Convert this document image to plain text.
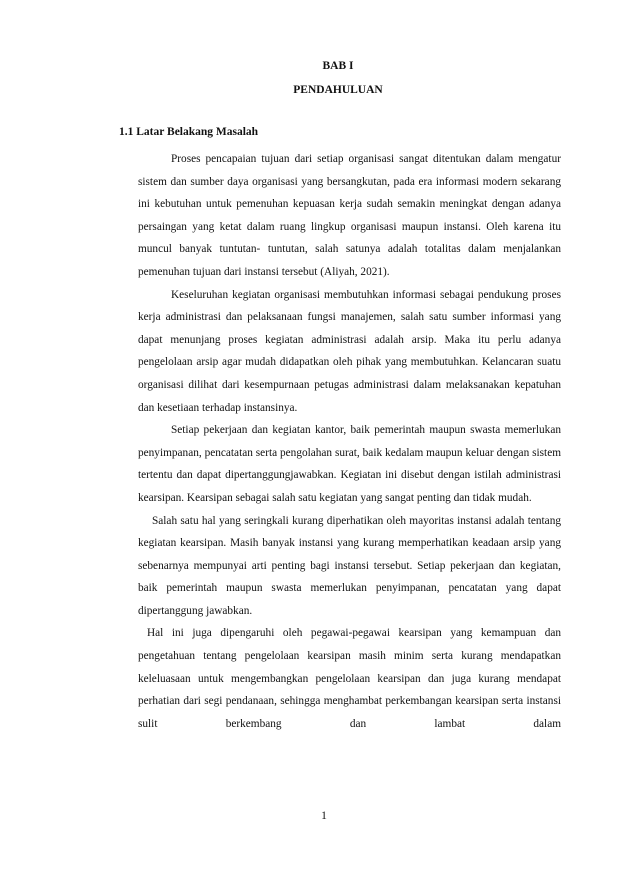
BAB I
PENDAHULUAN
1.1 Latar Belakang Masalah

Proses pencapaian tujuan dari setiap organisasi sangat ditentukan dalam mengatur sistem dan sumber daya organisasi yang bersangkutan, pada era informasi modern sekarang ini kebutuhan untuk pemenuhan kepuasan kerja sudah semakin meningkat dengan adanya persaingan yang ketat dalam ruang lingkup organisasi maupun instansi. Oleh karena itu muncul banyak tuntutan- tuntutan, salah satunya adalah totalitas dalam menjalankan pemenuhan tujuan dari instansi tersebut (Aliyah, 2021).

Keseluruhan kegiatan organisasi membutuhkan informasi sebagai pendukung proses kerja administrasi dan pelaksanaan fungsi manajemen, salah satu sumber informasi yang dapat menunjang proses kegiatan administrasi adalah arsip. Maka itu perlu adanya pengelolaan arsip agar mudah didapatkan oleh pihak yang membutuhkan. Kelancaran suatu organisasi dilihat dari kesempurnaan petugas administrasi dalam melaksanakan kepatuhan dan kesetiaan terhadap instansinya.

Setiap pekerjaan dan kegiatan kantor, baik pemerintah maupun swasta memerlukan penyimpanan, pencatatan serta pengolahan surat, baik kedalam maupun keluar dengan sistem tertentu dan dapat dipertanggungjawabkan. Kegiatan ini disebut dengan istilah administrasi kearsipan. Kearsipan sebagai salah satu kegiatan yang sangat penting dan tidak mudah.

Salah satu hal yang seringkali kurang diperhatikan oleh mayoritas instansi adalah tentang kegiatan kearsipan. Masih banyak instansi yang kurang memperhatikan keadaan arsip yang sebenarnya mempunyai arti penting bagi instansi tersebut. Setiap pekerjaan dan kegiatan, baik pemerintah maupun swasta memerlukan penyimpanan, pencatatan yang dapat dipertanggung jawabkan.

Hal ini juga dipengaruhi oleh pegawai-pegawai kearsipan yang kemampuan dan pengetahuan tentang pengelolaan kearsipan masih minim serta kurang mendapatkan keleluasaan untuk mengembangkan pengelolaan kearsipan dan juga kurang mendapat perhatian dari segi pendanaan, sehingga menghambat perkembangan kearsipan serta instansi sulit berkembang dan lambat dalam

1
